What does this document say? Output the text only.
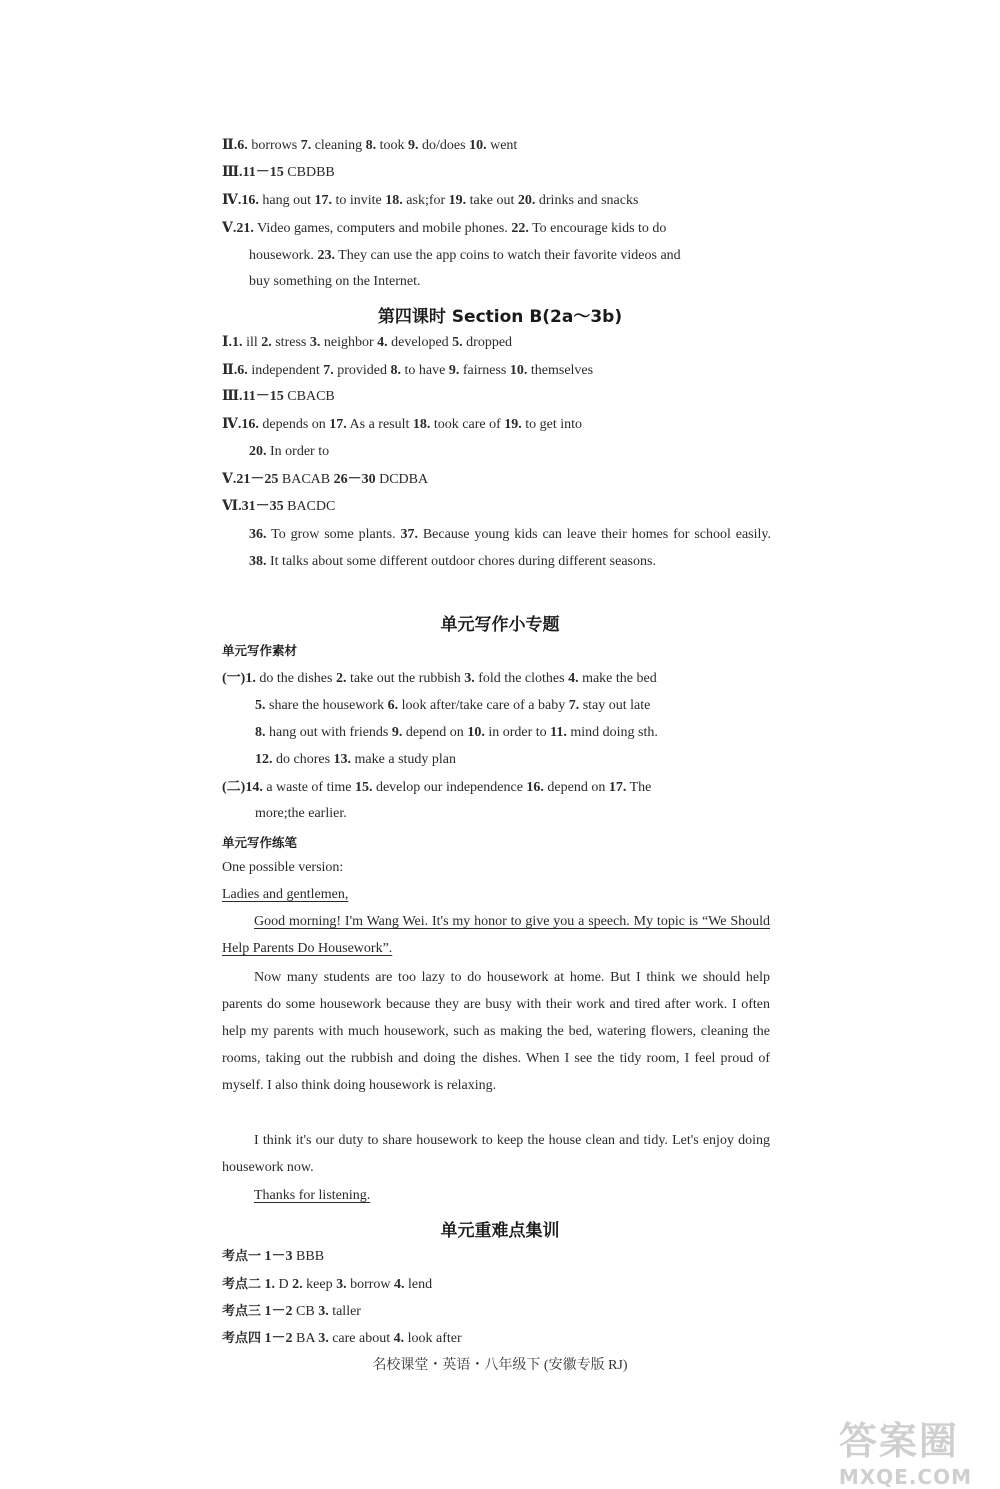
Ⅱ.6. borrows 7. cleaning 8. took 9. do/does 10. went
Ⅲ.11－15 CBDBB
Ⅳ.16. hang out 17. to invite 18. ask;for 19. take out 20. drinks and snacks
Ⅴ.21. Video games, computers and mobile phones. 22. To encourage kids to do
housework. 23. They can use the app coins to watch their favorite videos and
buy something on the Internet.
第四课时 Section B(2a～3b)
Ⅰ.1. ill 2. stress 3. neighbor 4. developed 5. dropped
Ⅱ.6. independent 7. provided 8. to have 9. fairness 10. themselves
Ⅲ.11－15 CBACB
Ⅳ.16. depends on 17. As a result 18. took care of 19. to get into
20. In order to
Ⅴ.21－25 BACAB 26－30 DCDBA
Ⅵ.31－35 BACDC
36. To grow some plants. 37. Because young kids can leave their homes for school easily. 38. It talks about some different outdoor chores during different seasons.
单元写作小专题
单元写作素材
(一)1. do the dishes 2. take out the rubbish 3. fold the clothes 4. make the bed
5. share the housework 6. look after/take care of a baby 7. stay out late
8. hang out with friends 9. depend on 10. in order to 11. mind doing sth.
12. do chores 13. make a study plan
(二)14. a waste of time 15. develop our independence 16. depend on 17. The
more;the earlier.
单元写作练笔
One possible version:
Ladies and gentlemen,
Good morning! I'm Wang Wei. It's my honor to give you a speech. My topic is “We Should Help Parents Do Housework”.
Now many students are too lazy to do housework at home. But I think we should help parents do some housework because they are busy with their work and tired after work. I often help my parents with much housework, such as making the bed, watering flowers, cleaning the rooms, taking out the rubbish and doing the dishes. When I see the tidy room, I feel proud of myself. I also think doing housework is relaxing.
I think it's our duty to share housework to keep the house clean and tidy. Let's enjoy doing housework now.
Thanks for listening.
单元重难点集训
考点一 1－3 BBB
考点二 1. D 2. keep 3. borrow 4. lend
考点三 1－2 CB 3. taller
考点四 1－2 BA 3. care about 4. look after
名校课堂・英语・八年级下 (安徽专版 RJ)
答案圈
MXQE.COM
